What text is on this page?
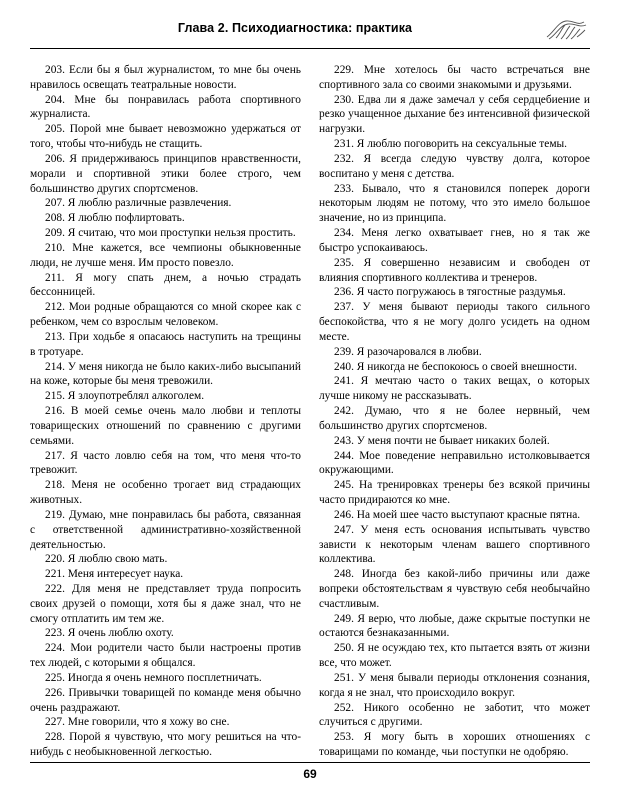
Глава 2. Психодиагностика: практика

203. Если бы я был журналистом, то мне бы очень нравилось освещать театральные новости.

204. Мне бы понравилась работа спортивного журналиста.

205. Порой мне бывает невозможно удержаться от того, чтобы что-нибудь не стащить.

206. Я придерживаюсь принципов нравственности, морали и спортивной этики более строго, чем большинство других спортсменов.

207. Я люблю различные развлечения.

208. Я люблю пофлиртовать.

209. Я считаю, что мои проступки нельзя простить.

210. Мне кажется, все чемпионы обыкновенные люди, не лучше меня. Им просто повезло.

211. Я могу спать днем, а ночью страдать бессонницей.

212. Мои родные обращаются со мной скорее как с ребенком, чем со взрослым человеком.

213. При ходьбе я опасаюсь наступить на трещины в тротуаре.

214. У меня никогда не было каких-либо высыпаний на коже, которые бы меня тревожили.

215. Я злоупотреблял алкоголем.

216. В моей семье очень мало любви и теплоты товарищеских отношений по сравнению с другими семьями.

217. Я часто ловлю себя на том, что меня что-то тревожит.

218. Меня не особенно трогает вид страдающих животных.

219. Думаю, мне понравилась бы работа, связанная с ответственной административно-хозяйственной деятельностью.

220. Я люблю свою мать.

221. Меня интересует наука.

222. Для меня не представляет труда попросить своих друзей о помощи, хотя бы я даже знал, что не смогу отплатить им тем же.

223. Я очень люблю охоту.

224. Мои родители часто были настроены против тех людей, с которыми я общался.

225. Иногда я очень немного посплетничать.

226. Привычки товарищей по команде меня обычно очень раздражают.

227. Мне говорили, что я хожу во сне.

228. Порой я чувствую, что могу решиться на что-нибудь с необыкновенной легкостью.

229. Мне хотелось бы часто встречаться вне спортивного зала со своими знакомыми и друзьями.

230. Едва ли я даже замечал у себя сердцебиение и резко учащенное дыхание без интенсивной физической нагрузки.

231. Я люблю поговорить на сексуальные темы.

232. Я всегда следую чувству долга, которое воспитано у меня с детства.

233. Бывало, что я становился поперек дороги некоторым людям не потому, что это имело большое значение, но из принципа.

234. Меня легко охватывает гнев, но я так же быстро успокаиваюсь.

235. Я совершенно независим и свободен от влияния спортивного коллектива и тренеров.

236. Я часто погружаюсь в тягостные раздумья.

237. У меня бывают периоды такого сильного беспокойства, что я не могу долго усидеть на одном месте.

239. Я разочаровался в любви.

240. Я никогда не беспокоюсь о своей внешности.

241. Я мечтаю часто о таких вещах, о которых лучше никому не рассказывать.

242. Думаю, что я не более нервный, чем большинство других спортсменов.

243. У меня почти не бывает никаких болей.

244. Мое поведение неправильно истолковывается окружающими.

245. На тренировках тренеры без всякой причины часто придираются ко мне.

246. На моей шее часто выступают красные пятна.

247. У меня есть основания испытывать чувство зависти к некоторым членам вашего спортивного коллектива.

248. Иногда без какой-либо причины или даже вопреки обстоятельствам я чувствую себя необычайно счастливым.

249. Я верю, что любые, даже скрытые поступки не остаются безнаказанными.

250. Я не осуждаю тех, кто пытается взять от жизни все, что может.

251. У меня бывали периоды отклонения сознания, когда я не знал, что происходило вокруг.

252. Никого особенно не заботит, что может случиться с другими.

253. Я могу быть в хороших отношениях с товарищами по команде, чьи поступки не одобряю.

69
